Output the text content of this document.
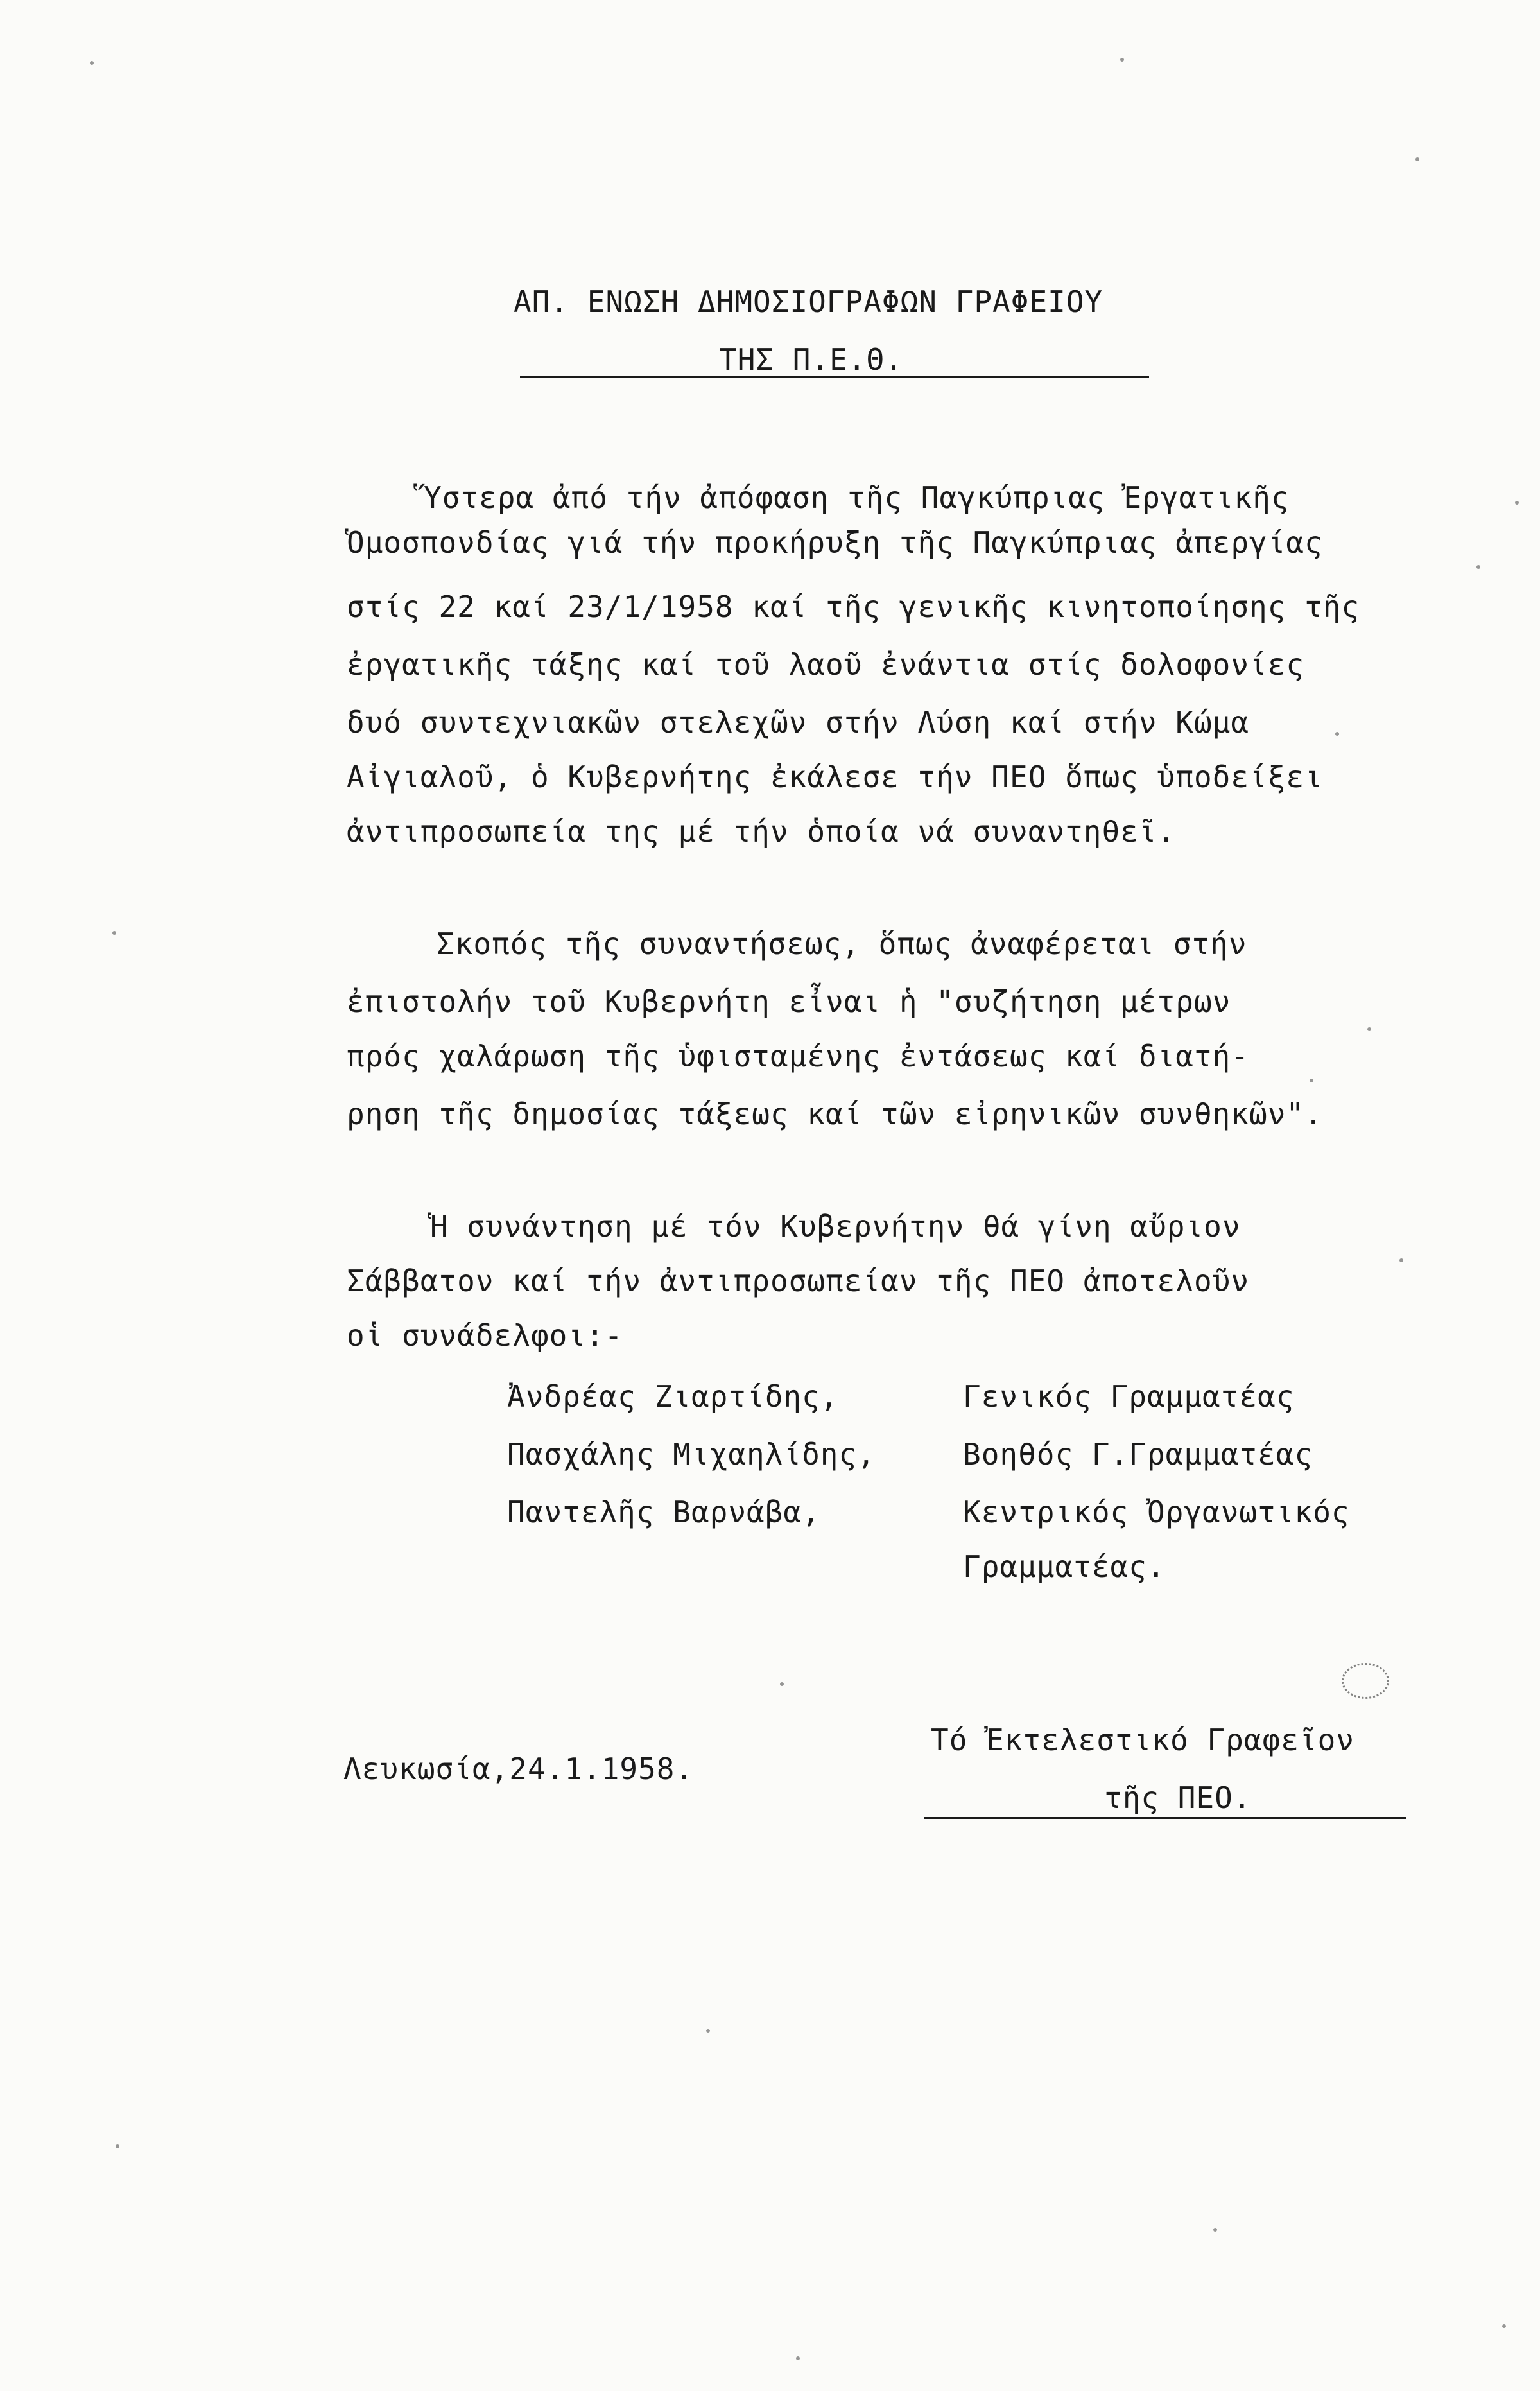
ΑΠ. ΕΝΩΣΗ ΔΗΜΟΣΙΟΓΡΑΦΩΝ ΓΡΑΦΕΙΟΥ
ΤΗΣ Π.Ε.Θ.
Ὕστερα ἀπό τήν ἀπόφαση τῆς Παγκύπριας Ἐργατικῆς
Ὁμοσπονδίας γιά τήν προκήρυξη τῆς Παγκύπριας ἀπεργίας
στίς 22 καί 23/1/1958 καί τῆς γενικῆς κινητοποίησης τῆς
ἐργατικῆς τάξης καί τοῦ λαοῦ ἐνάντια στίς δολοφονίες
δυό συντεχνιακῶν στελεχῶν στήν Λύση καί στήν Κώμα
Αἰγιαλοῦ, ὁ Κυβερνήτης ἐκάλεσε τήν ΠΕΟ ὅπως ὑποδείξει
ἀντιπροσωπεία της μέ τήν ὁποία νά συναντηθεῖ.
Σκοπός τῆς συναντήσεως, ὅπως ἀναφέρεται στήν
ἐπιστολήν τοῦ Κυβερνήτη εἶναι ἡ "συζήτηση μέτρων
πρός χαλάρωση τῆς ὑφισταμένης ἐντάσεως καί διατή-
ρηση τῆς δημοσίας τάξεως καί τῶν εἰρηνικῶν συνθηκῶν".
Ἡ συνάντηση μέ τόν Κυβερνήτην θά γίνη αὔριον
Σάββατον καί τήν ἀντιπροσωπείαν τῆς ΠΕΟ ἀποτελοῦν
οἱ συνάδελφοι:-
Ἀνδρέας Ζιαρτίδης,	Γενικός Γραμματέας
Πασχάλης Μιχαηλίδης,	Βοηθός Γ.Γραμματέας
Παντελῆς Βαρνάβα,	Κεντρικός Ὀργανωτικός
Γραμματέας.
Λευκωσία,24.1.1958.
Τό Ἐκτελεστικό Γραφεῖον
τῆς ΠΕΟ.
